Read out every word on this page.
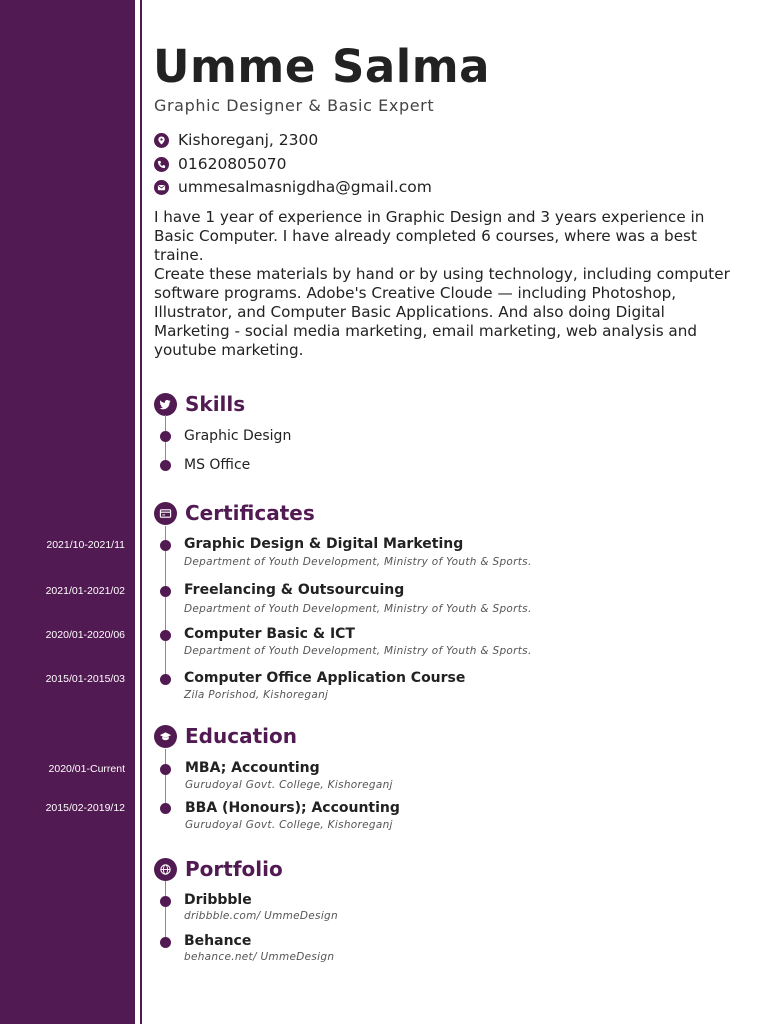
2021/10-2021/11
2021/01-2021/02
2020/01-2020/06
2015/01-2015/03
2020/01-Current
2015/02-2019/12
Umme Salma
Graphic Designer & Basic Expert
Kishoreganj, 2300
01620805070
ummesalmasnigdha@gmail.com

I have 1 year of experience in Graphic Design and 3 years experience in Basic Computer. I have already completed 6 courses, where was a best traine.

Create these materials by hand or by using technology, including computer software programs. Adobe's Creative Cloude — including Photoshop, Illustrator, and Computer Basic Applications. And also doing Digital Marketing - social media marketing, email marketing, web analysis and youtube marketing.

Skills
Graphic Design
MS Office
Certificates
Graphic Design & Digital Marketing
Department of Youth Development, Ministry of Youth & Sports.
Freelancing & Outsourcuing
Department of Youth Development, Ministry of Youth & Sports.
Computer Basic & ICT
Department of Youth Development, Ministry of Youth & Sports.
Computer Office Application Course
Zila Porishod, Kishoreganj
Education
MBA; Accounting
Gurudoyal Govt. College, Kishoreganj
BBA (Honours); Accounting
Gurudoyal Govt. College, Kishoreganj
Portfolio
Dribbble
dribbble.com/ UmmeDesign
Behance
behance.net/ UmmeDesign
